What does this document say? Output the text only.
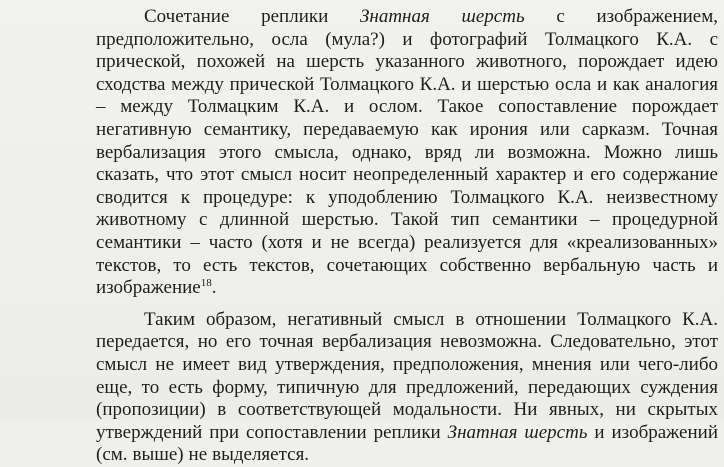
Сочетание реплики Знатная шерсть с изображением, предположительно, осла (мула?) и фотографий Толмацкого К.А. с прической, похожей на шерсть указанного животного, порождает идею сходства между прической Толмацкого К.А. и шерстью осла и как аналогия – между Толмацким К.А. и ослом. Такое сопоставление порождает негативную семантику, передаваемую как ирония или сарказм. Точная вербализация этого смысла, однако, вряд ли возможна. Можно лишь сказать, что этот смысл носит неопределенный характер и его содержание сводится к процедуре: к уподоблению Толмацкого К.А. неизвестному животному с длинной шерстью. Такой тип семантики – процедурной семантики – часто (хотя и не всегда) реализуется для «креализованных» текстов, то есть текстов, сочетающих собственно вербальную часть и изображение$^{18}$.

Таким образом, негативный смысл в отношении Толмацкого К.А. передается, но его точная вербализация невозможна. Следовательно, этот смысл не имеет вид утверждения, предположения, мнения или чего-либо еще, то есть форму, типичную для предложений, передающих суждения (пропозиции) в соответствующей модальности. Ни явных, ни скрытых утверждений при сопоставлении реплики Знатная шерсть и изображений (см. выше) не выделяется.
